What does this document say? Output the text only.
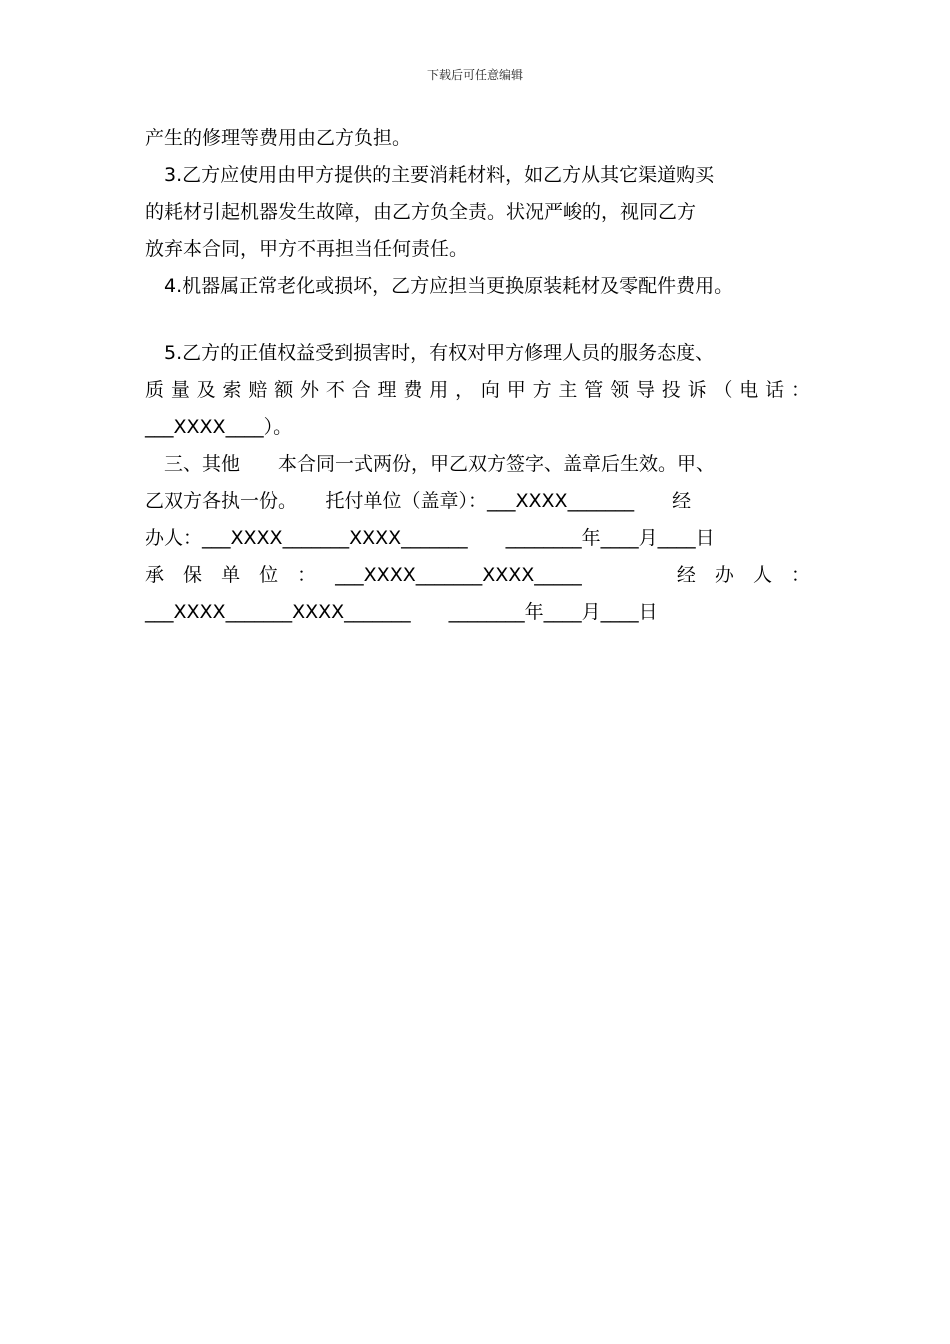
下载后可任意编辑

产生的修理等费用由乙方负担。

3.乙方应使用由甲方提供的主要消耗材料，如乙方从其它渠道购买
的耗材引起机器发生故障，由乙方负全责。状况严峻的，视同乙方
放弃本合同，甲方不再担当任何责任。

4.机器属正常老化或损坏，乙方应担当更换原装耗材及零配件费用。

5.乙方的正值权益受到损害时，有权对甲方修理人员的服务态度、
质量及索赔额外不合理费用，向甲方主管领导投诉（电话：
___XXXX____）。

三、其他　　本合同一式两份，甲乙双方签字、盖章后生效。甲、
乙双方各执一份。　　托付单位（盖章）：___XXXX_______　　经
办人：___XXXX_______XXXX_______　　________年____月____日
承保单位：___XXXX_______XXXX_____　　经办人：
___XXXX_______XXXX_______　　________年____月____日
